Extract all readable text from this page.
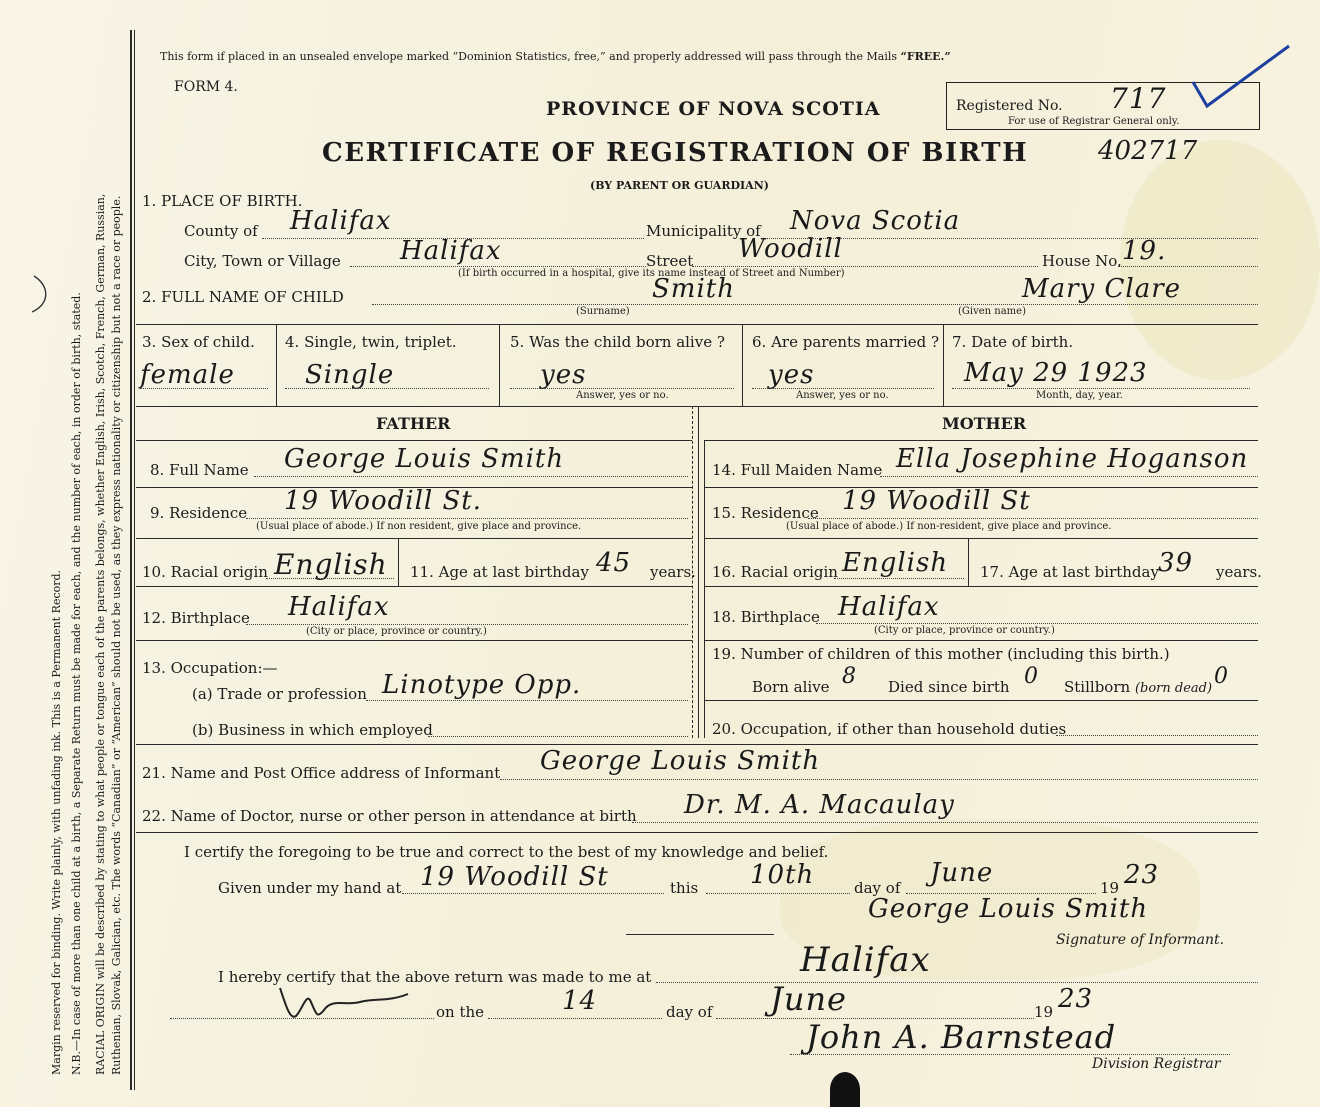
Margin reserved for binding. Write plainly, with unfading ink. This is a Permanent Record. N.B.—In case of more than one child at a birth, a Separate Return must be made for each, and the number of each, in order of birth, stated. RACIAL ORIGIN will be described by stating to what people or tongue each of the parents belongs, whether English, Irish, Scotch, French, German, Russian, Ruthenian, Slovak, Galician, etc. The words “Canadian” or “American” should not be used, as they express nationality or citizenship but not a race or people.
This form if placed in an unsealed envelope marked “Dominion Statistics, free,” and properly addressed will pass through the Mails “FREE.”
FORM 4.
PROVINCE OF NOVA SCOTIA
CERTIFICATE OF REGISTRATION OF BIRTH	402717
(BY PARENT OR GUARDIAN)
Registered No. 717
For use of Registrar General only.
1. PLACE OF BIRTH.
County of Halifax	Municipality of Nova Scotia
City, Town or Village Halifax	Street Woodill	House No. 19.
(If birth occurred in a hospital, give its name instead of Street and Number)
2. FULL NAME OF CHILD	Smith
(Surname)
Mary Clare
(Given name)
3. Sex of child.
female
4. Single, twin, triplet.
Single
5. Was the child born alive ?
yes
Answer, yes or no.
6. Are parents married ?
yes
Answer, yes or no.
7. Date of birth.
May 29 1923
Month, day, year.
FATHER	MOTHER
8. Full Name George Louis Smith
9. Residence 19 Woodill St.
(Usual place of abode.) If non resident, give place and province.
10. Racial origin English 11. Age at last birthday 45 years.
12. Birthplace Halifax
(City or place, province or country.)
13. Occupation:—
(a) Trade or profession Linotype Opp.
(b) Business in which employed
14. Full Maiden Name Ella Josephine Hoganson
15. Residence 19 Woodill St
(Usual place of abode.) If non-resident, give place and province.
16. Racial origin English 17. Age at last birthday 39 years.
18. Birthplace Halifax
(City or place, province or country.)
19. Number of children of this mother (including this birth.)
Born alive 8 Died since birth 0 Stillborn (born dead) 0
20. Occupation, if other than household duties
21. Name and Post Office address of Informant George Louis Smith
22. Name of Doctor, nurse or other person in attendance at birth Dr. M. A. Macaulay
I certify the foregoing to be true and correct to the best of my knowledge and belief.
Given under my hand at 19 Woodill St	this 10th	day of June	19 23
George Louis Smith
Signature of Informant.
I hereby certify that the above return was made to me at	Halifax
on the	14	day of June	19 23
John A. Barnstead
Division Registrar
